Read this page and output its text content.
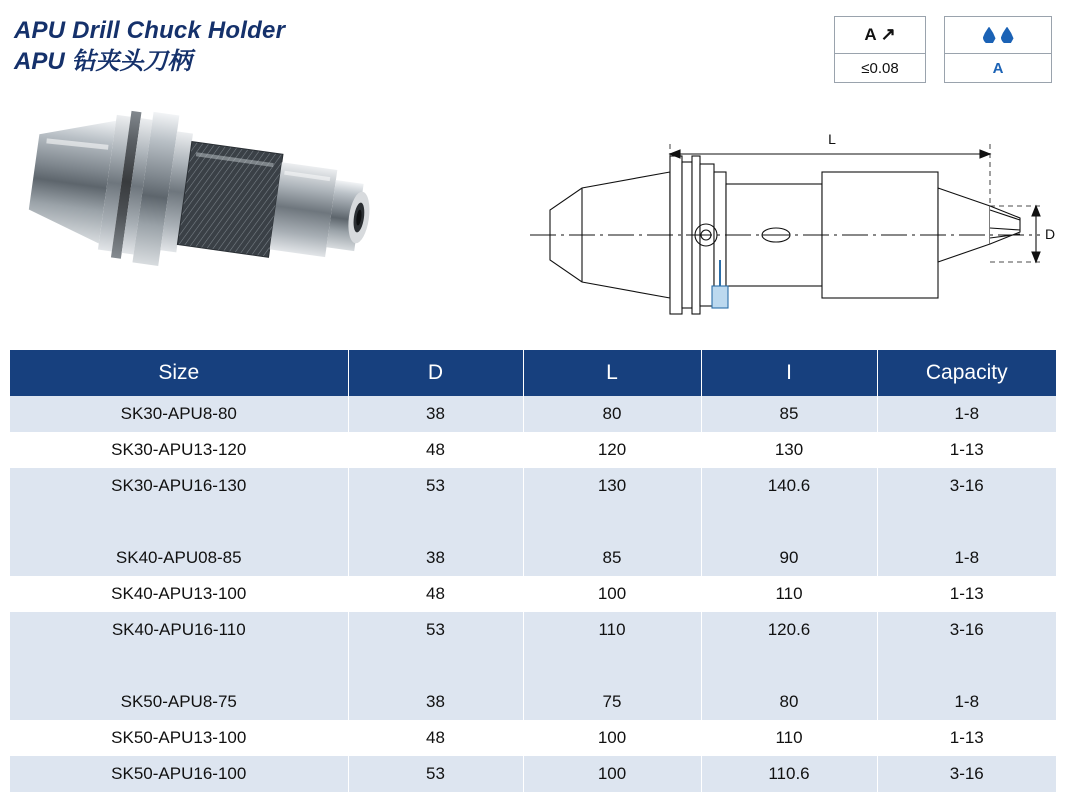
APU Drill Chuck Holder
APU 钻夹头刀柄
A ↗
≤0.08	A
L
D
Size	D	L	I	Capacity
SK30-APU8-80	38	80	85	1-8
SK30-APU13-120	48	120	130	1-13
SK30-APU16-130	53	130	140.6	3-16

SK40-APU08-85	38	85	90	1-8
SK40-APU13-100	48	100	110	1-13
SK40-APU16-110	53	110	120.6	3-16

SK50-APU8-75	38	75	80	1-8
SK50-APU13-100	48	100	110	1-13
SK50-APU16-100	53	100	110.6	3-16
